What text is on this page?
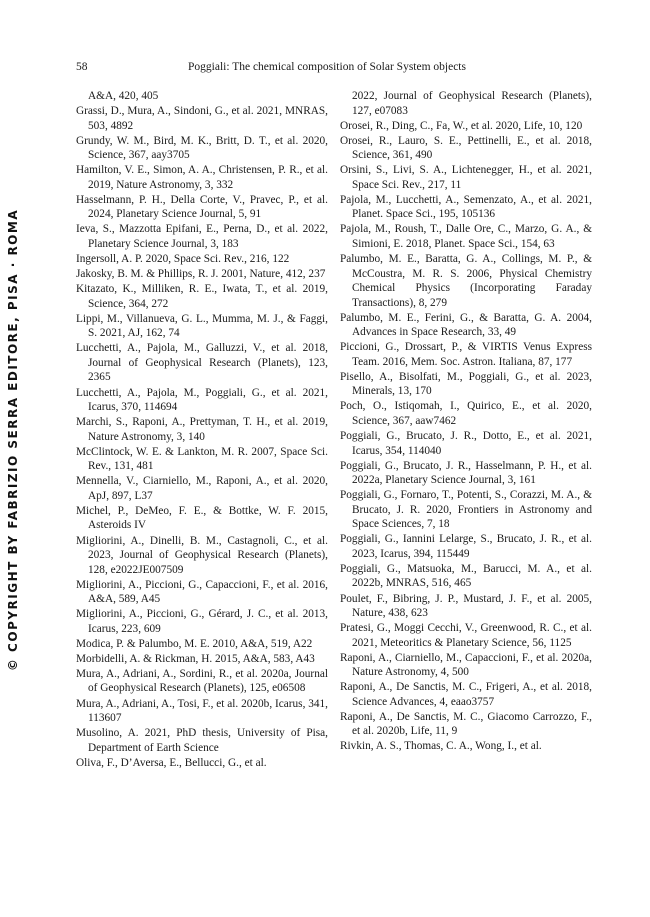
58	Poggiali: The chemical composition of Solar System objects
© COPYRIGHT BY FABRIZIO SERRA EDITORE, PISA · ROMA

A&A, 420, 405

Grassi, D., Mura, A., Sindoni, G., et al. 2021, MNRAS, 503, 4892

Grundy, W. M., Bird, M. K., Britt, D. T., et al. 2020, Science, 367, aay3705

Hamilton, V. E., Simon, A. A., Christensen, P. R., et al. 2019, Nature Astronomy, 3, 332

Hasselmann, P. H., Della Corte, V., Pravec, P., et al. 2024, Planetary Science Journal, 5, 91

Ieva, S., Mazzotta Epifani, E., Perna, D., et al. 2022, Planetary Science Journal, 3, 183

Ingersoll, A. P. 2020, Space Sci. Rev., 216, 122

Jakosky, B. M. & Phillips, R. J. 2001, Nature, 412, 237

Kitazato, K., Milliken, R. E., Iwata, T., et al. 2019, Science, 364, 272

Lippi, M., Villanueva, G. L., Mumma, M. J., & Faggi, S. 2021, AJ, 162, 74

Lucchetti, A., Pajola, M., Galluzzi, V., et al. 2018, Journal of Geophysical Research (Planets), 123, 2365

Lucchetti, A., Pajola, M., Poggiali, G., et al. 2021, Icarus, 370, 114694

Marchi, S., Raponi, A., Prettyman, T. H., et al. 2019, Nature Astronomy, 3, 140

McClintock, W. E. & Lankton, M. R. 2007, Space Sci. Rev., 131, 481

Mennella, V., Ciarniello, M., Raponi, A., et al. 2020, ApJ, 897, L37

Michel, P., DeMeo, F. E., & Bottke, W. F. 2015, Asteroids IV

Migliorini, A., Dinelli, B. M., Castagnoli, C., et al. 2023, Journal of Geophysical Research (Planets), 128, e2022JE007509

Migliorini, A., Piccioni, G., Capaccioni, F., et al. 2016, A&A, 589, A45

Migliorini, A., Piccioni, G., Gérard, J. C., et al. 2013, Icarus, 223, 609

Modica, P. & Palumbo, M. E. 2010, A&A, 519, A22

Morbidelli, A. & Rickman, H. 2015, A&A, 583, A43

Mura, A., Adriani, A., Sordini, R., et al. 2020a, Journal of Geophysical Research (Planets), 125, e06508

Mura, A., Adriani, A., Tosi, F., et al. 2020b, Icarus, 341, 113607

Musolino, A. 2021, PhD thesis, University of Pisa, Department of Earth Science

Oliva, F., D’Aversa, E., Bellucci, G., et al.

2022, Journal of Geophysical Research (Planets), 127, e07083

Orosei, R., Ding, C., Fa, W., et al. 2020, Life, 10, 120

Orosei, R., Lauro, S. E., Pettinelli, E., et al. 2018, Science, 361, 490

Orsini, S., Livi, S. A., Lichtenegger, H., et al. 2021, Space Sci. Rev., 217, 11

Pajola, M., Lucchetti, A., Semenzato, A., et al. 2021, Planet. Space Sci., 195, 105136

Pajola, M., Roush, T., Dalle Ore, C., Marzo, G. A., & Simioni, E. 2018, Planet. Space Sci., 154, 63

Palumbo, M. E., Baratta, G. A., Collings, M. P., & McCoustra, M. R. S. 2006, Physical Chemistry Chemical Physics (Incorporating Faraday Transactions), 8, 279

Palumbo, M. E., Ferini, G., & Baratta, G. A. 2004, Advances in Space Research, 33, 49

Piccioni, G., Drossart, P., & VIRTIS Venus Express Team. 2016, Mem. Soc. Astron. Italiana, 87, 177

Pisello, A., Bisolfati, M., Poggiali, G., et al. 2023, Minerals, 13, 170

Poch, O., Istiqomah, I., Quirico, E., et al. 2020, Science, 367, aaw7462

Poggiali, G., Brucato, J. R., Dotto, E., et al. 2021, Icarus, 354, 114040

Poggiali, G., Brucato, J. R., Hasselmann, P. H., et al. 2022a, Planetary Science Journal, 3, 161

Poggiali, G., Fornaro, T., Potenti, S., Corazzi, M. A., & Brucato, J. R. 2020, Frontiers in Astronomy and Space Sciences, 7, 18

Poggiali, G., Iannini Lelarge, S., Brucato, J. R., et al. 2023, Icarus, 394, 115449

Poggiali, G., Matsuoka, M., Barucci, M. A., et al. 2022b, MNRAS, 516, 465

Poulet, F., Bibring, J. P., Mustard, J. F., et al. 2005, Nature, 438, 623

Pratesi, G., Moggi Cecchi, V., Greenwood, R. C., et al. 2021, Meteoritics & Planetary Science, 56, 1125

Raponi, A., Ciarniello, M., Capaccioni, F., et al. 2020a, Nature Astronomy, 4, 500

Raponi, A., De Sanctis, M. C., Frigeri, A., et al. 2018, Science Advances, 4, eaao3757

Raponi, A., De Sanctis, M. C., Giacomo Carrozzo, F., et al. 2020b, Life, 11, 9

Rivkin, A. S., Thomas, C. A., Wong, I., et al.
